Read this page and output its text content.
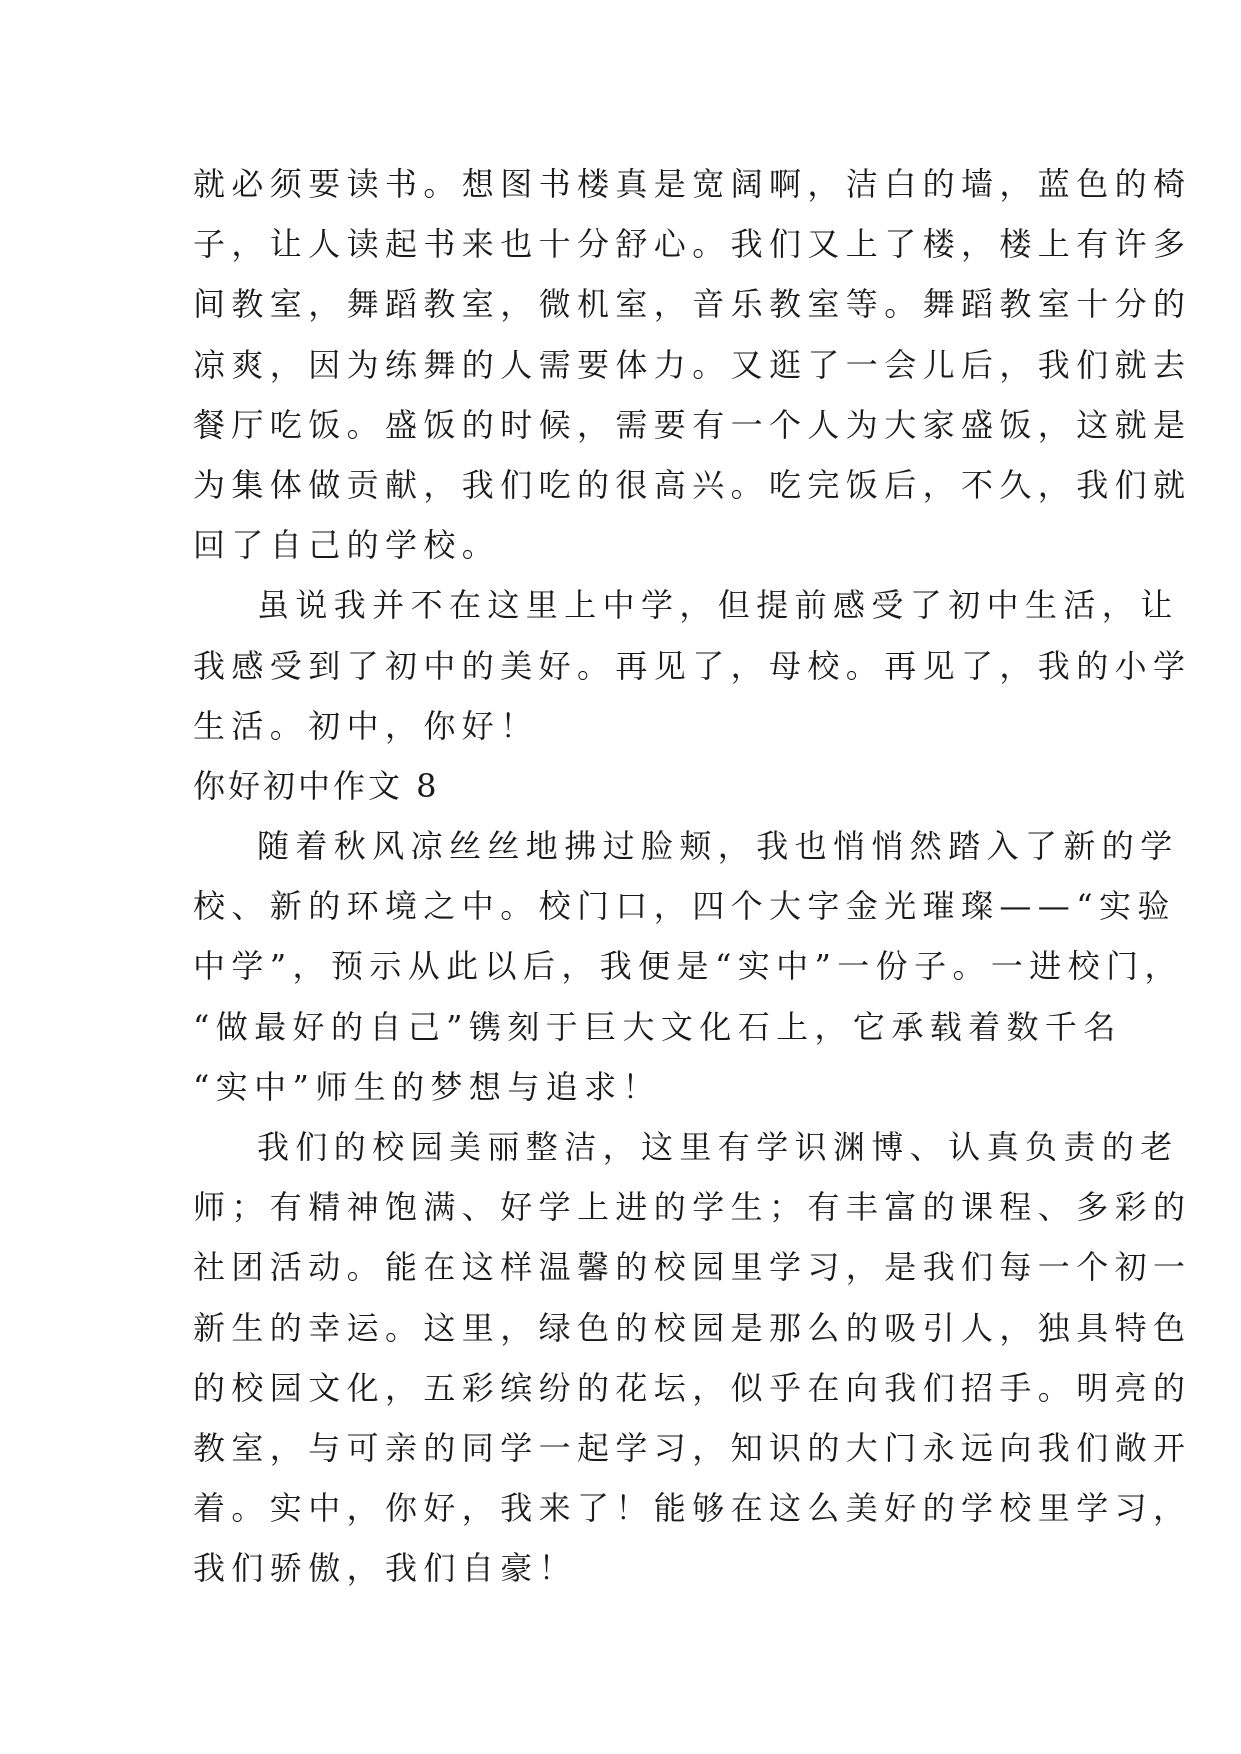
就必须要读书。想图书楼真是宽阔啊，洁白的墙，蓝色的椅
子，让人读起书来也十分舒心。我们又上了楼，楼上有许多
间教室，舞蹈教室，微机室，音乐教室等。舞蹈教室十分的
凉爽，因为练舞的人需要体力。又逛了一会儿后，我们就去
餐厅吃饭。盛饭的时候，需要有一个人为大家盛饭，这就是
为集体做贡献，我们吃的很高兴。吃完饭后，不久，我们就
回了自己的学校。
虽说我并不在这里上中学，但提前感受了初中生活，让
我感受到了初中的美好。再见了，母校。再见了，我的小学
生活。初中，你好！
你好初中作文 8
随着秋风凉丝丝地拂过脸颊，我也悄悄然踏入了新的学
校、新的环境之中。校门口，四个大字金光璀璨——“实验
中学”，预示从此以后，我便是“实中”一份子。一进校门，
“做最好的自己”镌刻于巨大文化石上，它承载着数千名
“实中”师生的梦想与追求！
我们的校园美丽整洁，这里有学识渊博、认真负责的老
师；有精神饱满、好学上进的学生；有丰富的课程、多彩的
社团活动。能在这样温馨的校园里学习，是我们每一个初一
新生的幸运。这里，绿色的校园是那么的吸引人，独具特色
的校园文化，五彩缤纷的花坛，似乎在向我们招手。明亮的
教室，与可亲的同学一起学习，知识的大门永远向我们敞开
着。实中，你好，我来了！能够在这么美好的学校里学习，
我们骄傲，我们自豪！
